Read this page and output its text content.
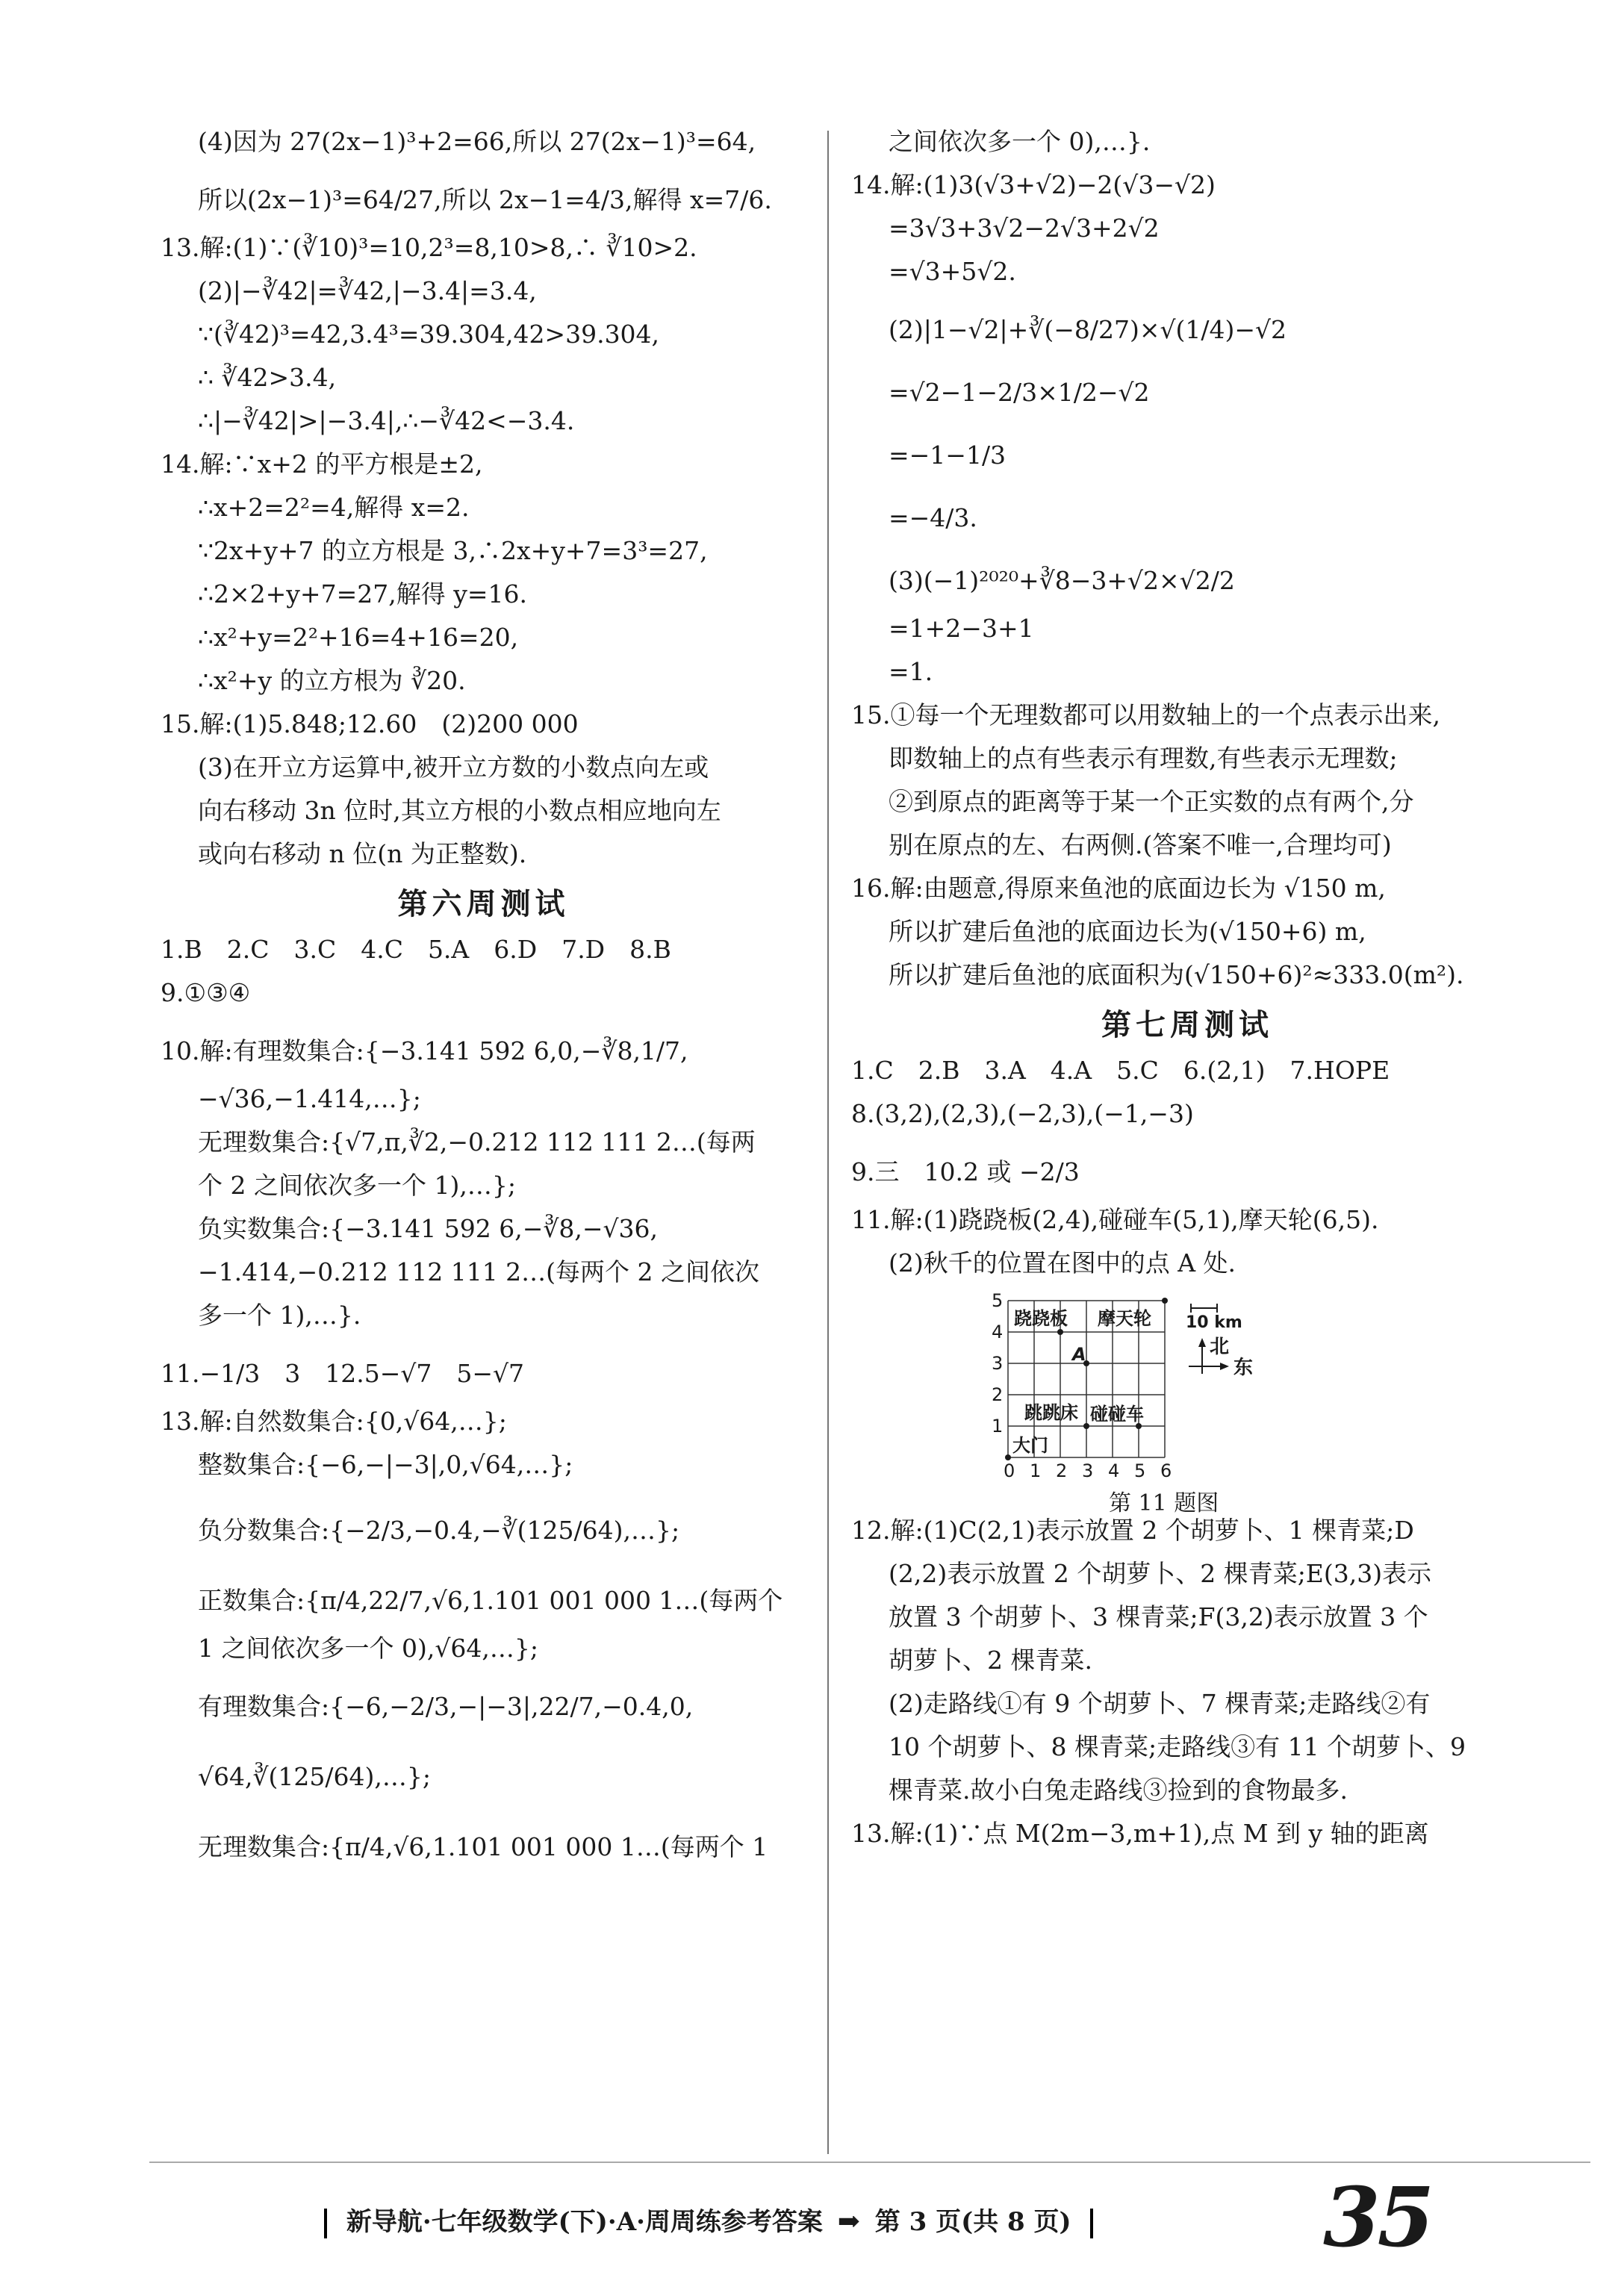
(4)因为 27(2x−1)³+2=66,所以 27(2x−1)³=64,
所以(2x−1)³=64/27,所以 2x−1=4/3,解得 x=7/6.
13.解:(1)∵(∛10)³=10,2³=8,10>8,∴ ∛10>2.
(2)|−∛42|=∛42,|−3.4|=3.4,
∵(∛42)³=42,3.4³=39.304,42>39.304,
∴ ∛42>3.4,
∴|−∛42|>|−3.4|,∴−∛42<−3.4.
14.解:∵x+2 的平方根是±2,
∴x+2=2²=4,解得 x=2.
∵2x+y+7 的立方根是 3,∴2x+y+7=3³=27,
∴2×2+y+7=27,解得 y=16.
∴x²+y=2²+16=4+16=20,
∴x²+y 的立方根为 ∛20.
15.解:(1)5.848;12.60　(2)200 000
(3)在开立方运算中,被开立方数的小数点向左或
向右移动 3n 位时,其立方根的小数点相应地向左
或向右移动 n 位(n 为正整数).
第六周测试
1.B　2.C　3.C　4.C　5.A　6.D　7.D　8.B
9.①③④
10.解:有理数集合:{−3.141 592 6,0,−∛8,1/7,
−√36,−1.414,…};
无理数集合:{√7,π,∛2,−0.212 112 111 2…(每两
个 2 之间依次多一个 1),…};
负实数集合:{−3.141 592 6,−∛8,−√36,
−1.414,−0.212 112 111 2…(每两个 2 之间依次
多一个 1),…}.
11.−1/3　3　12.5−√7　5−√7
13.解:自然数集合:{0,√64,…};
整数集合:{−6,−|−3|,0,√64,…};
负分数集合:{−2/3,−0.4,−∛(125/64),…};
正数集合:{π/4,22/7,√6,1.101 001 000 1…(每两个
1 之间依次多一个 0),√64,…};
有理数集合:{−6,−2/3,−|−3|,22/7,−0.4,0,
√64,∛(125/64),…};
无理数集合:{π/4,√6,1.101 001 000 1…(每两个 1
之间依次多一个 0),…}.
14.解:(1)3(√3+√2)−2(√3−√2)
=3√3+3√2−2√3+2√2
=√3+5√2.
(2)|1−√2|+∛(−8/27)×√(1/4)−√2
=√2−1−2/3×1/2−√2
=−1−1/3
=−4/3.
(3)(−1)²⁰²⁰+∛8−3+√2×√2/2
=1+2−3+1
=1.
15.①每一个无理数都可以用数轴上的一个点表示出来,
即数轴上的点有些表示有理数,有些表示无理数;
②到原点的距离等于某一个正实数的点有两个,分
别在原点的左、右两侧.(答案不唯一,合理均可)
16.解:由题意,得原来鱼池的底面边长为 √150 m,
所以扩建后鱼池的底面边长为(√150+6) m,
所以扩建后鱼池的底面积为(√150+6)²≈333.0(m²).
第七周测试
1.C　2.B　3.A　4.A　5.C　6.(2,1)　7.HOPE
8.(3,2),(2,3),(−2,3),(−1,−3)
9.三　10.2 或 −2/3
11.解:(1)跷跷板(2,4),碰碰车(5,1),摩天轮(6,5).
(2)秋千的位置在图中的点 A 处.
0 1 2 3 4 5 6
1
2
3
4
5
跷跷板 摩天轮
跳跳床 碰碰车
大门
A
10 km
北
东
第 11 题图
12.解:(1)C(2,1)表示放置 2 个胡萝卜、1 棵青菜;D
(2,2)表示放置 2 个胡萝卜、2 棵青菜;E(3,3)表示
放置 3 个胡萝卜、3 棵青菜;F(3,2)表示放置 3 个
胡萝卜、2 棵青菜.
(2)走路线①有 9 个胡萝卜、7 棵青菜;走路线②有
10 个胡萝卜、8 棵青菜;走路线③有 11 个胡萝卜、9
棵青菜.故小白兔走路线③捡到的食物最多.
13.解:(1)∵点 M(2m−3,m+1),点 M 到 y 轴的距离
新导航·七年级数学(下)·A·周周练参考答案 ➡ 第 3 页(共 8 页)	35
